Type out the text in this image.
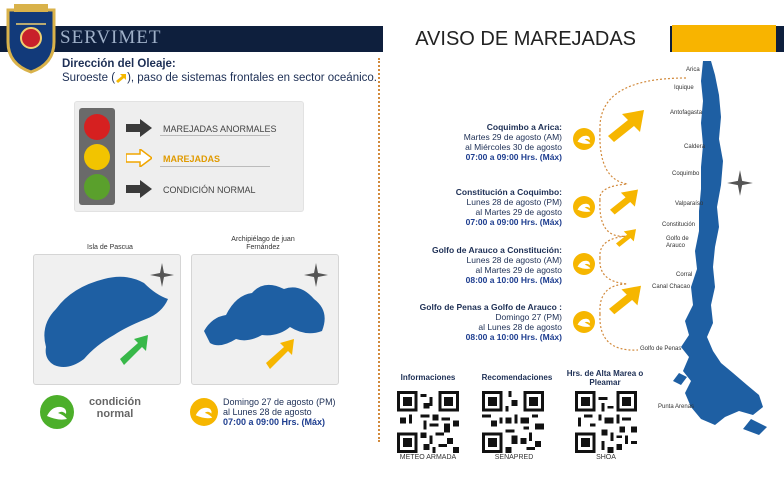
SERVIMET	AVISO DE MAREJADAS
Dirección del Oleaje:
Suroeste ( ), paso de sistemas frontales en sector oceánico.
MAREJADAS ANORMALES
MAREJADAS
CONDICIÓN NORMAL
Isla de Pascua
Archipiélago de juan Fernández
condición normal
Domingo 27 de agosto (PM)
al Lunes 28 de agosto
07:00 a 09:00 Hrs. (Máx)
Coquimbo a Arica:
Martes 29 de agosto (AM)
al Miércoles 30 de agosto
07:00 a 09:00 Hrs. (Máx)
Constitución a Coquimbo:
Lunes 28 de agosto (PM)
al Martes 29 de agosto
07:00 a 09:00 Hrs. (Máx)
Golfo de Arauco a Constitución:
Lunes 28 de agosto (AM)
al Martes 29 de agosto
08:00 a 10:00 Hrs. (Máx)
Golfo de Penas a Golfo de Arauco :
Domingo 27 (PM)
al Lunes 28 de agosto
08:00 a 10:00 Hrs. (Máx)
Informaciones	Recomendaciones	Hrs. de Alta Marea o Pleamar
METEO ARMADA	SENAPRED	SHOA
Arica
Iquique
Antofagasta
Caldera
Coquimbo
Valparaíso
Constitución
Golfo de Arauco
Corral
Canal Chacao
Golfo de Penas
Punta Arenas
